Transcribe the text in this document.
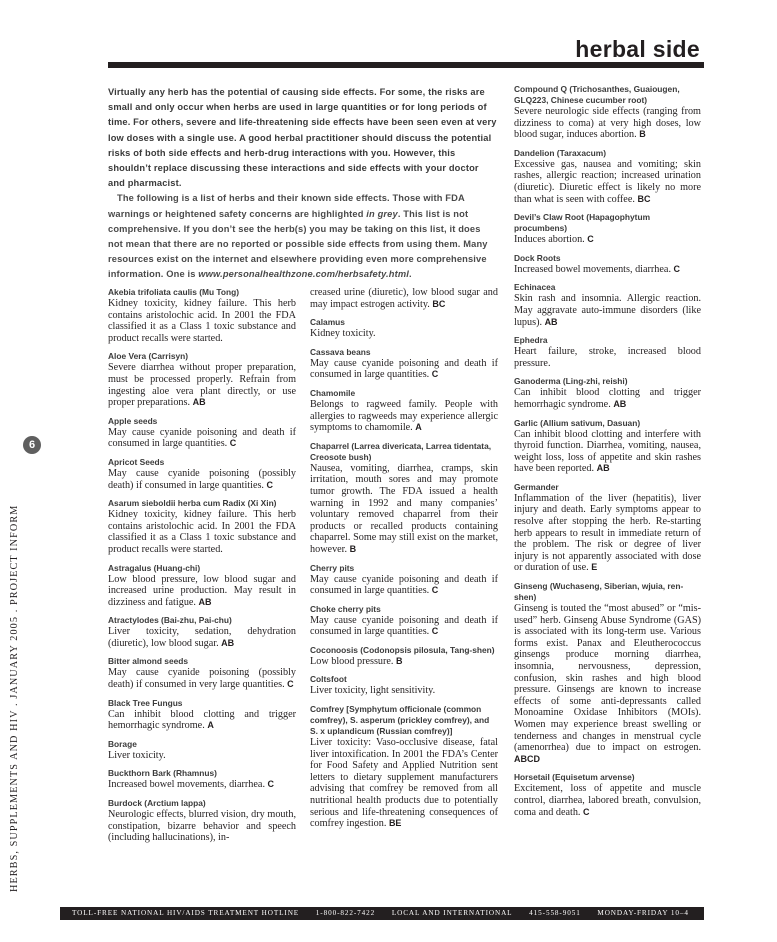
herbal side
6
HERBS, SUPPLEMENTS AND HIV . JANUARY 2005 . PROJECT INFORM

Virtually any herb has the potential of causing side effects. For some, the risks are small and only occur when herbs are used in large quantities or for long periods of time. For others, severe and life-threatening side effects have been seen even at very low doses with a single use. A good herbal practitioner should discuss the potential risks of both side effects and herb-drug interactions with you. However, this shouldn’t replace discussing these interactions and side effects with your doctor and pharmacist.

The following is a list of herbs and their known side effects. Those with FDA warnings or heightened safety concerns are highlighted in grey. This list is not comprehensive. If you don’t see the herb(s) you may be taking on this list, it does not mean that there are no reported or possible side effects from using them. Many resources exist on the internet and elsewhere providing even more comprehensive information. One is www.personalhealthzone.com/herbsafety.html.

Akebia trifoliata caulis (Mu Tong)
Kidney toxicity, kidney failure. This herb contains aristolochic acid. In 2001 the FDA classified it as a Class 1 toxic substance and product recalls were started.
Aloe Vera (Carrisyn)
Severe diarrhea without proper preparation, must be processed properly. Refrain from ingesting aloe vera plant directly, or use proper preparations. AB
Apple seeds
May cause cyanide poisoning and death if consumed in large quantities. C
Apricot Seeds
May cause cyanide poisoning (possibly death) if consumed in large quantities. C
Asarum sieboldii herba cum Radix (Xi Xin)
Kidney toxicity, kidney failure. This herb contains aristolochic acid. In 2001 the FDA classified it as a Class 1 toxic substance and product recalls were started.
Astragalus (Huang-chi)
Low blood pressure, low blood sugar and increased urine production. May result in dizziness and fatigue. AB
Atractylodes (Bai-zhu, Pai-chu)
Liver toxicity, sedation, dehydration (diuretic), low blood sugar. AB
Bitter almond seeds
May cause cyanide poisoning (possibly death) if consumed in very large quantities. C
Black Tree Fungus
Can inhibit blood clotting and trigger hemorrhagic syndrome. A
Borage
Liver toxicity.
Buckthorn Bark (Rhamnus)
Increased bowel movements, diarrhea. C
Burdock (Arctium lappa)
Neurologic effects, blurred vision, dry mouth, constipation, bizarre behavior and speech (including hallucinations), in-
creased urine (diuretic), low blood sugar and may impact estrogen activity. BC
Calamus
Kidney toxicity.
Cassava beans
May cause cyanide poisoning and death if consumed in large quantities. C
Chamomile
Belongs to ragweed family. People with allergies to ragweeds may experience allergic symptoms to chamomile. A
Chaparrel (Larrea divericata, Larrea tidentata, Creosote bush)
Nausea, vomiting, diarrhea, cramps, skin irritation, mouth sores and may promote tumor growth. The FDA issued a health warning in 1992 and many companies’ voluntary removed chaparrel from their products or recalled products containing chaparrel. Some may still exist on the market, however. B
Cherry pits
May cause cyanide poisoning and death if consumed in large quantities. C
Choke cherry pits
May cause cyanide poisoning and death if consumed in large quantities. C
Coconoosis (Codonopsis pilosula, Tang-shen)
Low blood pressure. B
Coltsfoot
Liver toxicity, light sensitivity.
Comfrey [Symphytum officionale (common comfrey), S. asperum (prickley comfrey), and S. x uplandicum (Russian comfrey)]
Liver toxicity: Vaso-occlusive disease, fatal liver intoxification. In 2001 the FDA’s Center for Food Safety and Applied Nutrition sent letters to dietary supplement manufacturers advising that comfrey be removed from all nutritional health products due to potentially serious and life-threatening consequences of comfrey ingestion. BE
Compound Q (Trichosanthes, Guaiougen, GLQ223, Chinese cucumber root)
Severe neurologic side effects (ranging from dizziness to coma) at very high doses, low blood sugar, induces abortion. B
Dandelion (Taraxacum)
Excessive gas, nausea and vomiting; skin rashes, allergic reaction; increased urination (diuretic). Diuretic effect is likely no more than what is seen with coffee. BC
Devil’s Claw Root (Hapagophytum procumbens)
Induces abortion. C
Dock Roots
Increased bowel movements, diarrhea. C
Echinacea
Skin rash and insomnia. Allergic reaction. May aggravate auto-immune disorders (like lupus). AB
Ephedra
Heart failure, stroke, increased blood pressure.
Ganoderma (Ling-zhi, reishi)
Can inhibit blood clotting and trigger hemorrhagic syndrome. AB
Garlic (Allium sativum, Dasuan)
Can inhibit blood clotting and interfere with thyroid function. Diarrhea, vomiting, nausea, weight loss, loss of appetite and skin rashes have been reported. AB
Germander
Inflammation of the liver (hepatitis), liver injury and death. Early symptoms appear to resolve after stopping the herb. Re-starting herb appears to result in immediate return of the problem. The risk or degree of liver injury is not apparently associated with dose or duration of use. E
Ginseng (Wuchaseng, Siberian, wjuia, ren-shen)
Ginseng is touted the “most abused” or “mis-used” herb. Ginseng Abuse Syndrome (GAS) is associated with its long-term use. Various forms exist. Panax and Eleutherococcus ginsengs produce morning diarrhea, insomnia, nervousness, depression, confusion, skin rashes and high blood pressure. Ginsengs are known to increase effects of some anti-depressants called Monoamine Oxidase Inhibitors (MOIs). Women may experience breast swelling or tenderness and changes in menstrual cycle (amenorrhea) due to impact on estrogen. ABCD
Horsetail (Equisetum arvense)
Excitement, loss of appetite and muscle control, diarrhea, labored breath, convulsion, coma and death. C
TOLL-FREE NATIONAL HIV/AIDS TREATMENT HOTLINE 1-800-822-7422 LOCAL AND INTERNATIONAL 415-558-9051 MONDAY-FRIDAY 10–4 PACIFIC TIME
